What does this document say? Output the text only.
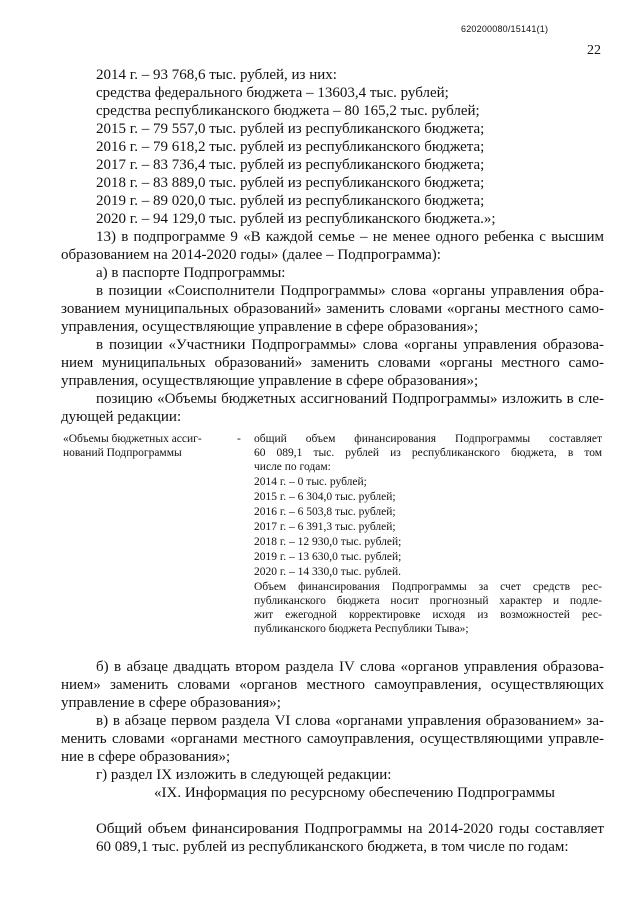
620200080/15141(1)
22
2014 г. – 93 768,6 тыс. рублей, из них:
средства федерального бюджета – 13603,4 тыс. рублей;
средства республиканского бюджета – 80 165,2 тыс. рублей;
2015 г. – 79 557,0 тыс. рублей из республиканского бюджета;
2016 г. – 79 618,2 тыс. рублей из республиканского бюджета;
2017 г. – 83 736,4 тыс. рублей из республиканского бюджета;
2018 г. – 83 889,0 тыс. рублей из республиканского бюджета;
2019 г. – 89 020,0 тыс. рублей из республиканского бюджета;
2020 г. – 94 129,0 тыс. рублей из республиканского бюджета.»;
13) в подпрограмме 9 «В каждой семье – не менее одного ребенка с высшим
образованием на 2014-2020 годы» (далее – Подпрограмма):
а) в паспорте Подпрограммы:
в позиции «Соисполнители Подпрограммы» слова «органы управления обра-
зованием муниципальных образований» заменить словами «органы местного само-
управления, осуществляющие управление в сфере образования»;
в позиции «Участники Подпрограммы» слова «органы управления образова-
нием муниципальных образований» заменить словами «органы местного само-
управления, осуществляющие управление в сфере образования»;
позицию «Объемы бюджетных ассигнований Подпрограммы» изложить в сле-
дующей редакции:
«Объемы бюджетных ассиг-
нований Подпрограммы
- общий объем финансирования Подпрограммы составляет
60 089,1 тыс. рублей из республиканского бюджета, в том
числе по годам:
2014 г. – 0 тыс. рублей;
2015 г. – 6 304,0 тыс. рублей;
2016 г. – 6 503,8 тыс. рублей;
2017 г. – 6 391,3 тыс. рублей;
2018 г. – 12 930,0 тыс. рублей;
2019 г. – 13 630,0 тыс. рублей;
2020 г. – 14 330,0 тыс. рублей.
Объем финансирования Подпрограммы за счет средств рес-
публиканского бюджета носит прогнозный характер и подле-
жит ежегодной корректировке исходя из возможностей рес-
публиканского бюджета Республики Тыва»;
б) в абзаце двадцать втором раздела IV слова «органов управления образова-
нием» заменить словами «органов местного самоуправления, осуществляющих
управление в сфере образования»;
в) в абзаце первом раздела VI слова «органами управления образованием» за-
менить словами «органами местного самоуправления, осуществляющими управле-
ние в сфере образования»;
г) раздел IX изложить в следующей редакции:
«IX. Информация по ресурсному обеспечению Подпрограммы
Общий объем финансирования Подпрограммы на 2014-2020 годы составляет
60 089,1 тыс. рублей из республиканского бюджета, в том числе по годам:
